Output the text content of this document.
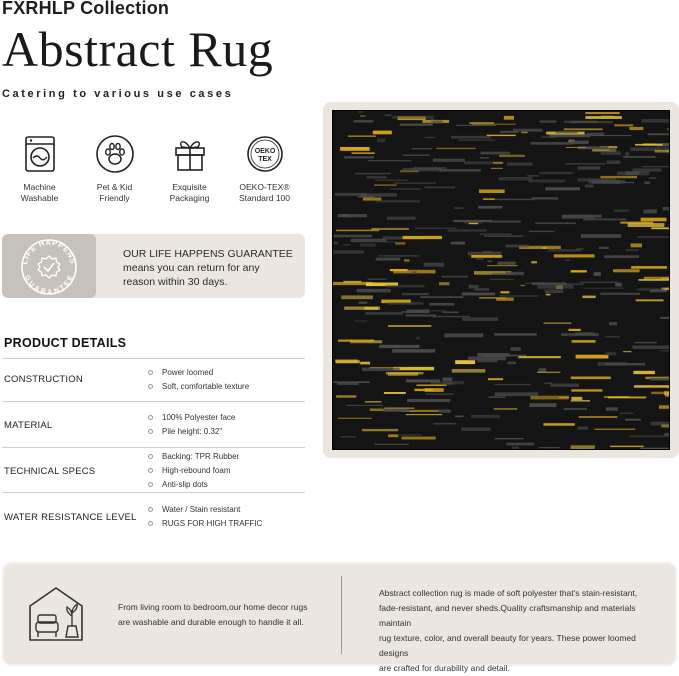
FXRHLP Collection
Abstract Rug
Catering to various use cases
Machine
Washable
Pet & Kid
Friendly
Exquisite
Packaging
OEKO
TEX
OEKO-TEX®
Standard 100
LIFE HAPPENS
GUARANTEE
OUR LIFE HAPPENS GUARANTEE
means you can return for any
reason within 30 days.
PRODUCT DETAILS
CONSTRUCTION
Power loomed
Soft, comfortable texture
MATERIAL
100% Polyester face
Pile height: 0.32"
TECHNICAL SPECS
Backing: TPR Rubber
High-rebound foam
Anti-slip dots
WATER RESISTANCE LEVEL
Water / Stain resistant
RUGS FOR HIGH TRAFFIC
From living room to bedroom,our home decor rugs
are washable and durable enough to handle it all.
Abstract collection rug is made of soft polyester that's stain-resistant,
fade-resistant, and never sheds.Quality craftsmanship and materials maintain
rug texture, color, and overall beauty for years. These power loomed designs
are crafted for durability and detail.
